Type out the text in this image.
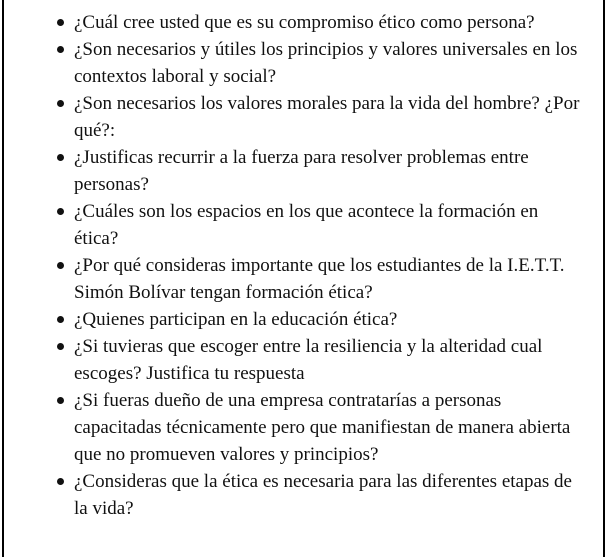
¿Cuál cree usted que es su compromiso ético como persona?
¿Son necesarios y útiles los principios y valores universales en los contextos laboral y social?
¿Son necesarios los valores morales para la vida del hombre? ¿Por qué?:
¿Justificas recurrir a la fuerza para resolver problemas entre personas?
¿Cuáles son los espacios en los que acontece la formación en ética?
¿Por qué consideras importante que los estudiantes de la I.E.T.T. Simón Bolívar tengan formación ética?
¿Quienes participan en la educación ética?
¿Si tuvieras que escoger entre la resiliencia y la alteridad cual escoges? Justifica tu respuesta
¿Si fueras dueño de una empresa contratarías a personas capacitadas técnicamente pero que manifiestan de manera abierta que no promueven valores y principios?
¿Consideras que la ética es necesaria para las diferentes etapas de la vida?
